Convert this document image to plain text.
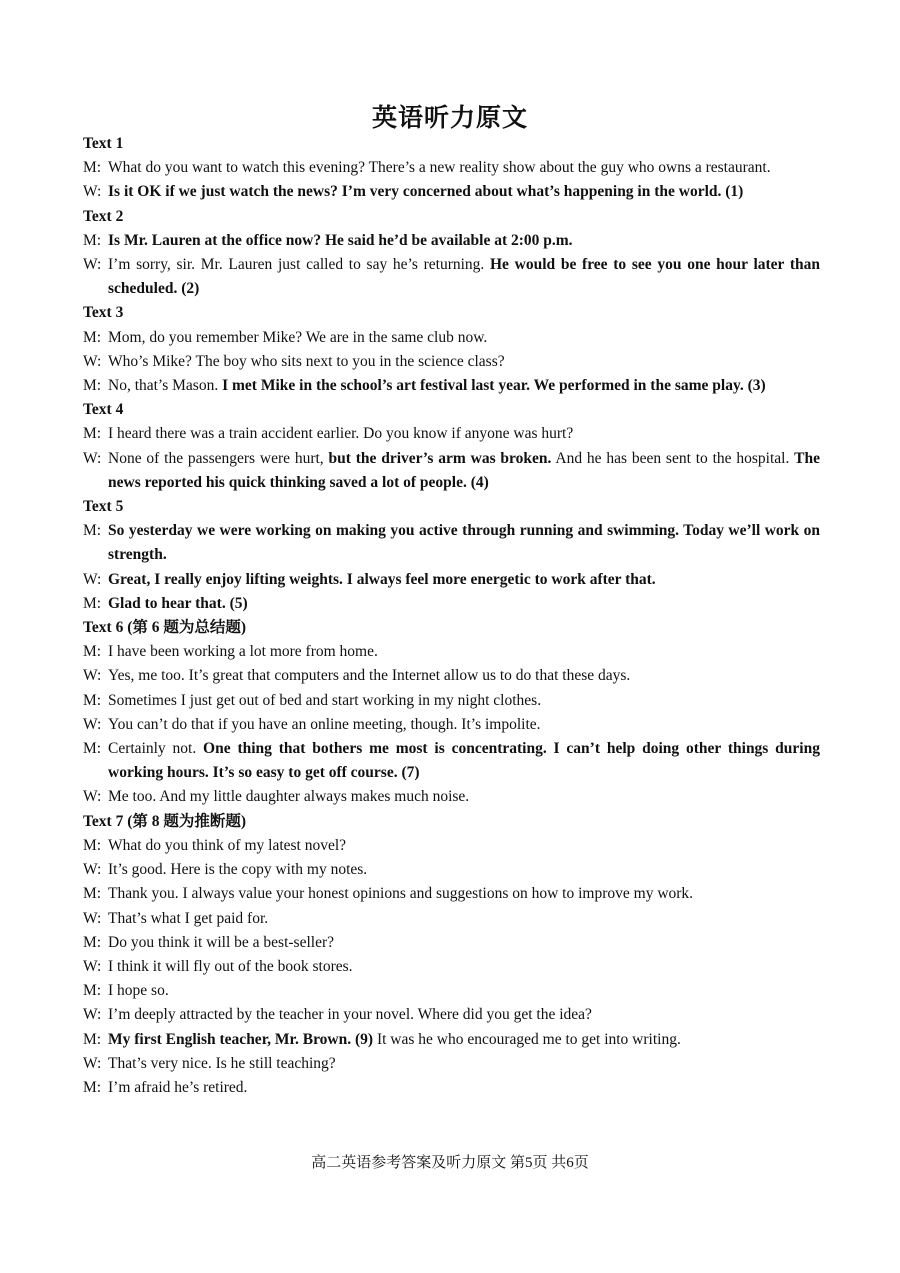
英语听力原文
Text 1
M: What do you want to watch this evening? There’s a new reality show about the guy who owns a restaurant.
W: Is it OK if we just watch the news? I’m very concerned about what’s happening in the world. (1)
Text 2
M: Is Mr. Lauren at the office now? He said he’d be available at 2:00 p.m.
W: I’m sorry, sir. Mr. Lauren just called to say he’s returning. He would be free to see you one hour later than scheduled. (2)
Text 3
M: Mom, do you remember Mike? We are in the same club now.
W: Who’s Mike? The boy who sits next to you in the science class?
M: No, that’s Mason. I met Mike in the school’s art festival last year. We performed in the same play. (3)
Text 4
M: I heard there was a train accident earlier. Do you know if anyone was hurt?
W: None of the passengers were hurt, but the driver’s arm was broken. And he has been sent to the hospital. The news reported his quick thinking saved a lot of people. (4)
Text 5
M: So yesterday we were working on making you active through running and swimming. Today we’ll work on strength.
W: Great, I really enjoy lifting weights. I always feel more energetic to work after that.
M: Glad to hear that. (5)
Text 6 (第 6 题为总结题)
M: I have been working a lot more from home.
W: Yes, me too. It’s great that computers and the Internet allow us to do that these days.
M: Sometimes I just get out of bed and start working in my night clothes.
W: You can’t do that if you have an online meeting, though. It’s impolite.
M: Certainly not. One thing that bothers me most is concentrating. I can’t help doing other things during working hours. It’s so easy to get off course. (7)
W: Me too. And my little daughter always makes much noise.
Text 7 (第 8 题为推断题)
M: What do you think of my latest novel?
W: It’s good. Here is the copy with my notes.
M: Thank you. I always value your honest opinions and suggestions on how to improve my work.
W: That’s what I get paid for.
M: Do you think it will be a best-seller?
W: I think it will fly out of the book stores.
M: I hope so.
W: I’m deeply attracted by the teacher in your novel. Where did you get the idea?
M: My first English teacher, Mr. Brown. (9) It was he who encouraged me to get into writing.
W: That’s very nice. Is he still teaching?
M: I’m afraid he’s retired.
高二英语参考答案及听力原文 第5页 共6页
